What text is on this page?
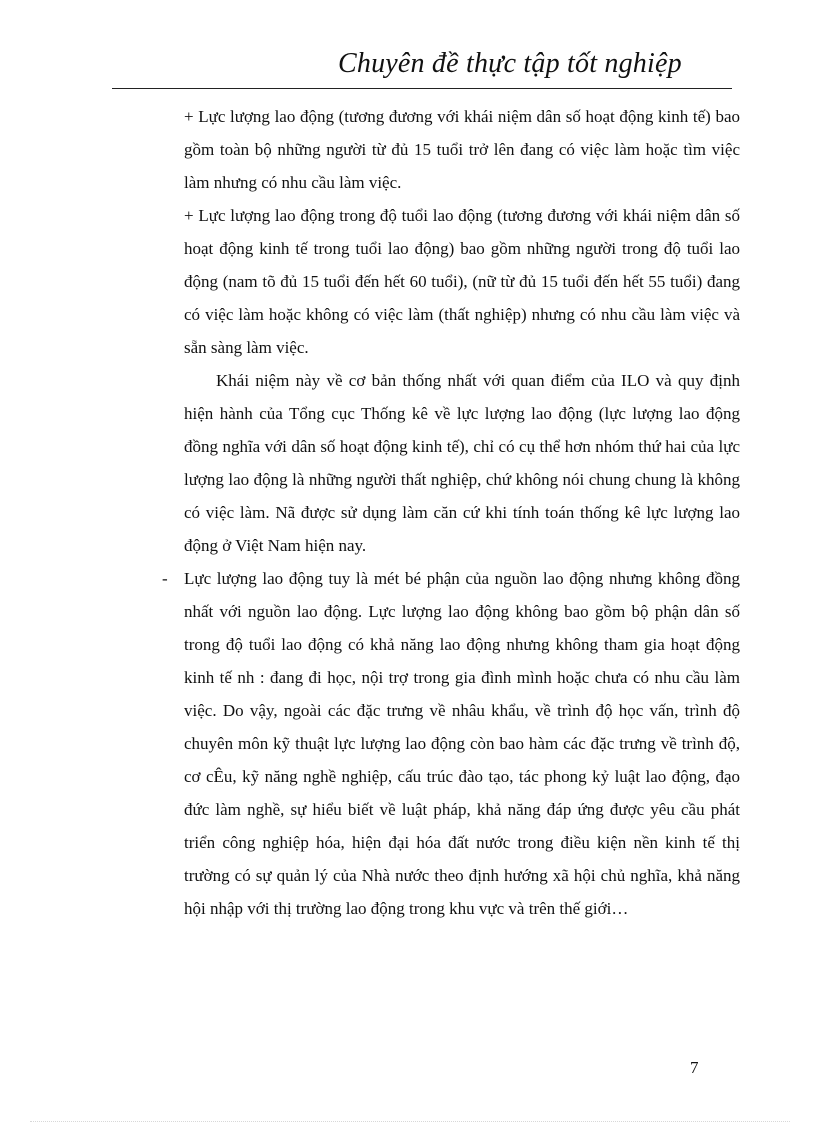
Chuyên đề thực tập tốt nghiệp

+ Lực lượng lao động (tương đương với khái niệm dân số hoạt động kinh tế) bao gồm toàn bộ những người từ đủ 15 tuổi trở lên đang có việc làm hoặc tìm việc làm nhưng có nhu cầu làm việc.

+ Lực lượng lao động trong độ tuổi lao động (tương đương với khái niệm dân số hoạt động kinh tế trong tuổi lao động) bao gồm những người trong độ tuổi lao động (nam tõ đủ 15 tuổi đến hết 60 tuổi), (nữ từ đủ 15 tuổi đến hết 55 tuổi) đang có việc làm hoặc không có việc làm (thất nghiệp) nhưng có nhu cầu làm việc và sẵn sàng làm việc.

Khái niệm này về cơ bản thống nhất với quan điểm của ILO và quy định hiện hành của Tổng cục Thống kê về lực lượng lao động (lực lượng lao động đồng nghĩa với dân số hoạt động kinh tế), chỉ có cụ thể hơn nhóm thứ hai của lực lượng lao động là những người thất nghiệp, chứ không nói chung chung là không có việc làm. Nã được sử dụng làm căn cứ khi tính toán thống kê lực lượng lao động ở Việt Nam hiện nay.

- Lực lượng lao động tuy là mét bé phận của nguồn lao động nhưng không đồng nhất với nguồn lao động. Lực lượng lao động không bao gồm bộ phận dân số trong độ tuổi lao động có khả năng lao động nhưng không tham gia hoạt động kinh tế nh : đang đi học, nội trợ trong gia đình mình hoặc chưa có nhu cầu làm việc. Do vậy, ngoài các đặc trưng về nhâu khẩu, về trình độ học vấn, trình độ chuyên môn kỹ thuật lực lượng lao động còn bao hàm các đặc trưng về trình độ, cơ cÊu, kỹ năng nghề nghiệp, cấu trúc đào tạo, tác phong kỷ luật lao động, đạo đức làm nghề, sự hiểu biết về luật pháp, khả năng đáp ứng được yêu cầu phát triển công nghiệp hóa, hiện đại hóa đất nước trong điều kiện nền kinh tế thị trường có sự quản lý của Nhà nước theo định hướng xã hội chủ nghĩa, khả năng hội nhập với thị trường lao động trong khu vực và trên thế giới…

7
